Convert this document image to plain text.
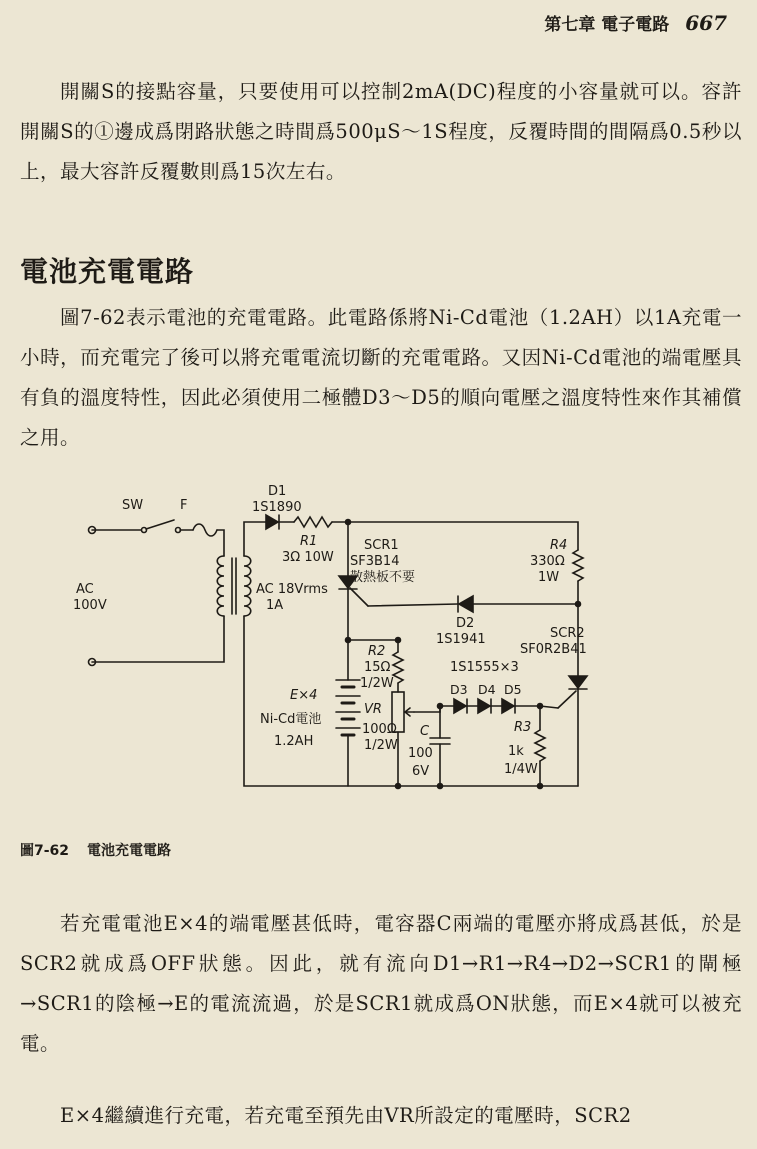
第七章 電子電路 667

開關S的接點容量，只要使用可以控制2mA(DC)程度的小容量就可以。容許開關S的①邊成爲閉路狀態之時間爲500μS～1S程度，反覆時間的間隔爲0.5秒以上，最大容許反覆數則爲15次左右。

電池充電電路

圖7-62表示電池的充電電路。此電路係將Ni-Cd電池（1.2AH）以1A充電一小時，而充電完了後可以將充電電流切斷的充電電路。又因Ni-Cd電池的端電壓具有負的溫度特性，因此必須使用二極體D3～D5的順向電壓之溫度特性來作其補償之用。

SW	F
D1
1S1890
R1
3Ω 10W
SCR1
SF3B14
散熱板不要
R4
330Ω
1W
AC
100V
AC 18Vrms
1A
D2
1S1941	SCR2
SF0R2B41
R2
15Ω
1/2W
1S1555×3
D3 D4 D5
E×4
Ni-Cd電池
1.2AH
VR
100Ω
1/2W
C
100
6V
R3
1k
1/4W
圖7-62 電池充電電路

若充電電池E×4的端電壓甚低時，電容器C兩端的電壓亦將成爲甚低，於是SCR2就成爲OFF狀態。因此，就有流向D1→R1→R4→D2→SCR1的閘極→SCR1的陰極→E的電流流過，於是SCR1就成爲ON狀態，而E×4就可以被充電。

E×4繼續進行充電，若充電至預先由VR所設定的電壓時，SCR2
